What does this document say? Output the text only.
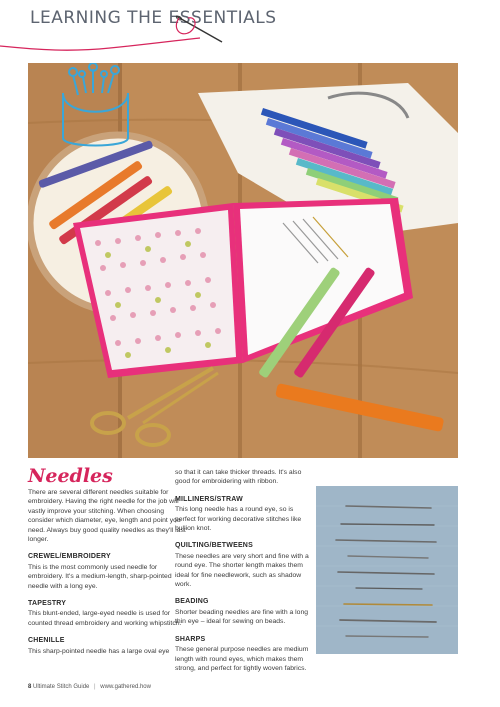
LEARNING THE ESSENTIALS
Needles

There are several different needles suitable for embroidery. Having the right needle for the job will vastly improve your stitching. When choosing consider which diameter, eye, length and point you need. Always buy good quality needles as they'll last longer.

CREWEL/EMBROIDERY

This is the most commonly used needle for embroidery. It's a medium-length, sharp-pointed needle with a long eye.

TAPESTRY

This blunt-ended, large-eyed needle is used for counted thread embroidery and working whipstitch.

CHENILLE

This sharp-pointed needle has a large oval eye

so that it can take thicker threads. It's also good for embroidering with ribbon.

MILLINERS/STRAW

This long needle has a round eye, so is perfect for working decorative stitches like bullion knot.

QUILTING/BETWEENS

These needles are very short and fine with a round eye. The shorter length makes them ideal for fine needlework, such as shadow work.

BEADING

Shorter beading needles are fine with a long thin eye – ideal for sewing on beads.

SHARPS

These general purpose needles are medium length with round eyes, which makes them strong, and perfect for tightly woven fabrics.

8 Ultimate Stitch Guide | www.gathered.how
